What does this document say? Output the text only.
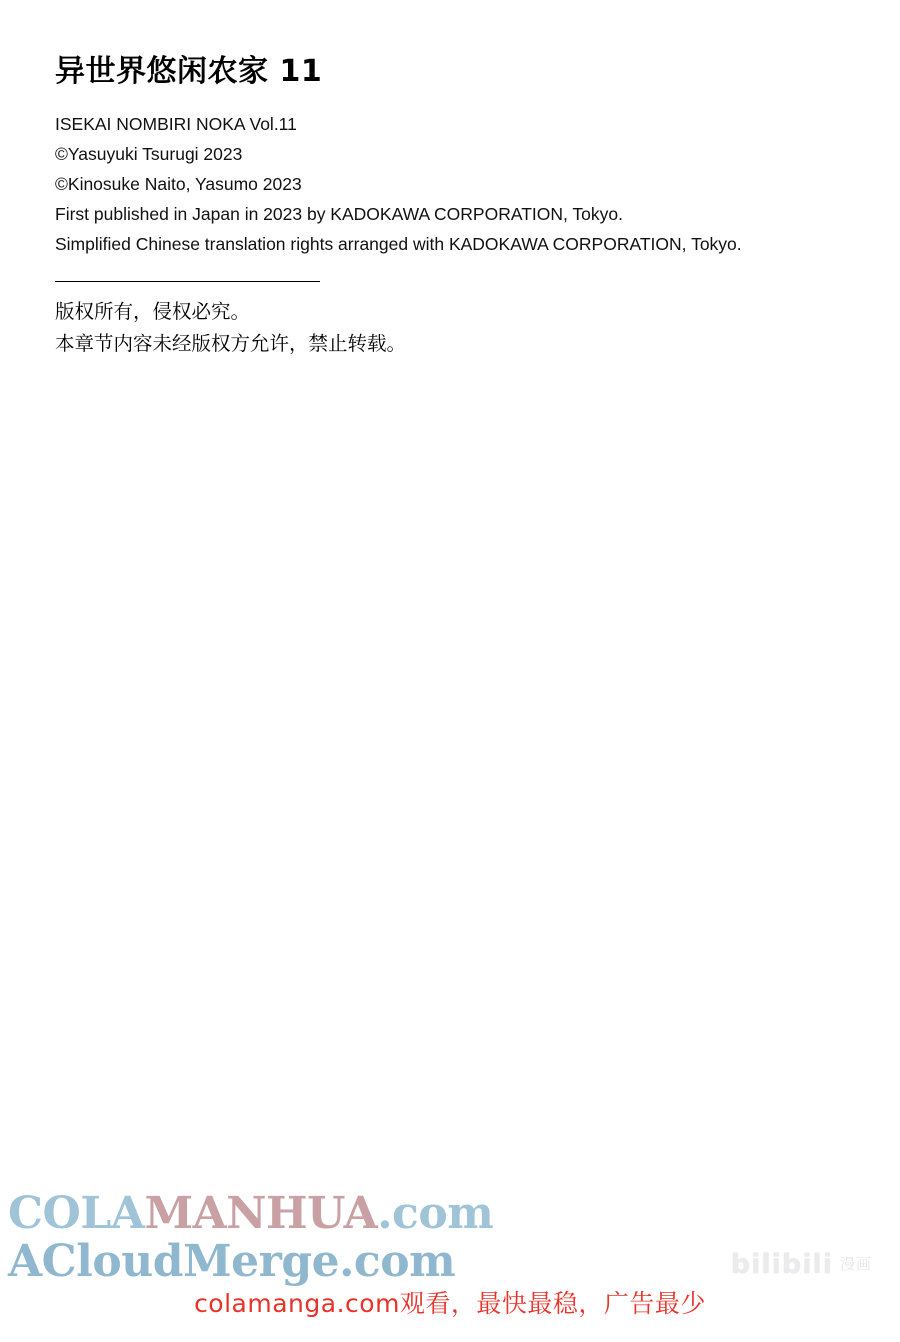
异世界悠闲农家 11
ISEKAI NOMBIRI NOKA Vol.11
©Yasuyuki Tsurugi 2023
©Kinosuke Naito, Yasumo 2023
First published in Japan in 2023 by KADOKAWA CORPORATION, Tokyo.
Simplified Chinese translation rights arranged with KADOKAWA CORPORATION, Tokyo.
版权所有，侵权必究。
本章节内容未经版权方允许，禁止转载。
COLAMANHUA.com
ACloudMerge.com	bilibili 漫画
colamanga.com观看，最快最稳，广告最少
